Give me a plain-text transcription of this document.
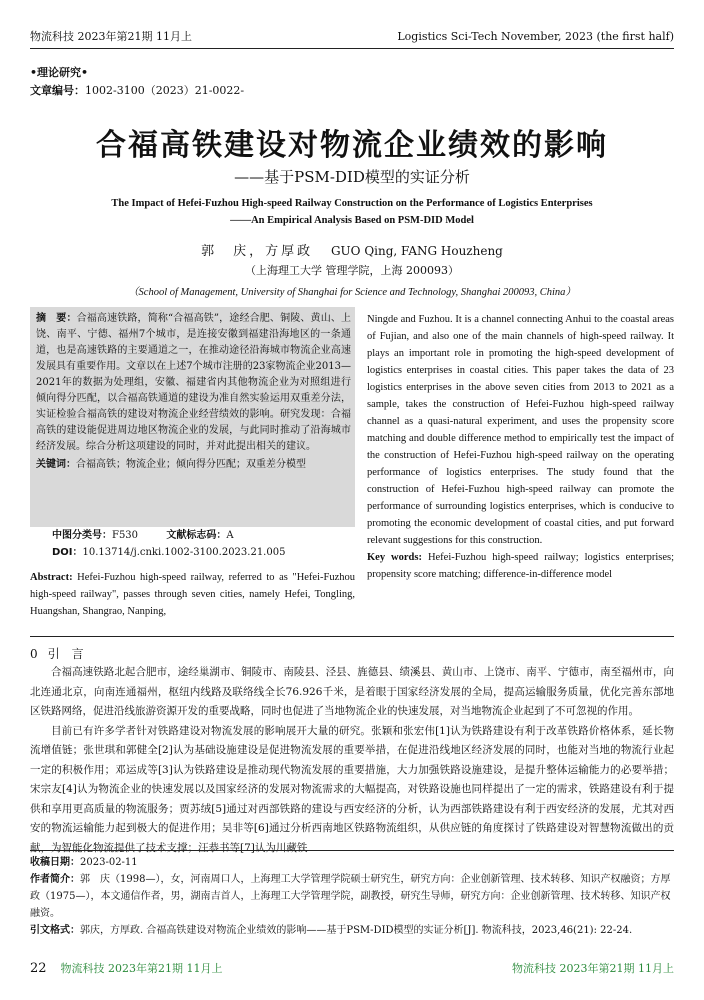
物流科技 2023年第21期 11月上	Logistics Sci-Tech November, 2023 (the first half)
•理论研究•
文章编号：1002-3100（2023）21-0022-
合福高铁建设对物流企业绩效的影响
——基于PSM-DID模型的实证分析
The Impact of Hefei-Fuzhou High-speed Railway Construction on the Performance of Logistics Enterprises
——An Empirical Analysis Based on PSM-DID Model
郭　庆，方厚政 GUO Qing, FANG Houzheng
（上海理工大学 管理学院，上海 200093）
（School of Management, University of Shanghai for Science and Technology, Shanghai 200093, China）
摘　要：合福高速铁路，简称“合福高铁”，途经合肥、铜陵、黄山、上饶、南平、宁德、福州7个城市，是连接安徽到福建沿海地区的一条通道，也是高速铁路的主要通道之一，在推动途径沿海城市物流企业高速发展具有重要作用。文章以在上述7个城市注册的23家物流企业2013—2021年的数据为处理组，安徽、福建省内其他物流企业为对照组进行倾向得分匹配，以合福高铁通道的建设为准自然实验运用双重差分法，实证检验合福高铁的建设对物流企业经营绩效的影响。研究发现：合福高铁的建设能促进周边地区物流企业的发展，与此同时推动了沿海城市经济发展。综合分析这项建设的同时，并对此提出相关的建议。
关键词：合福高铁；物流企业；倾向得分匹配；双重差分模型
中图分类号：F530	文献标志码：A
DOI：10.13714/j.cnki.1002-3100.2023.21.005
Abstract: Hefei-Fuzhou high-speed railway, referred to as "Hefei-Fuzhou high-speed railway", passes through seven cities, namely Hefei, Tongling, Huangshan, Shangrao, Nanping,
Ningde and Fuzhou. It is a channel connecting Anhui to the coastal areas of Fujian, and also one of the main channels of high-speed railway. It plays an important role in promoting the high-speed development of logistics enterprises in coastal cities. This paper takes the data of 23 logistics enterprises in the above seven cities from 2013 to 2021 as a sample, takes the construction of Hefei-Fuzhou high-speed railway channel as a quasi-natural experiment, and uses the propensity score matching and double difference method to empirically test the impact of the construction of Hefei-Fuzhou high-speed railway on the operating performance of logistics enterprises. The study found that the construction of Hefei-Fuzhou high-speed railway can promote the performance of surrounding logistics enterprises, which is conducive to promoting the economic development of coastal cities, and put forward relevant suggestions for this construction.
Key words: Hefei-Fuzhou high-speed railway; logistics enterprises; propensity score matching; difference-in-difference model
0 引　言

合福高速铁路北起合肥市，途经巢湖市、铜陵市、南陵县、泾县、旌德县、绩溪县、黄山市、上饶市、南平、宁德市，南至福州市，向北连通北京，向南连通福州，枢纽内线路及联络线全长76.926千米，是着眼于国家经济发展的全局，提高运输服务质量，优化完善东部地区铁路网络，促进沿线旅游资源开发的重要战略，同时也促进了当地物流企业的快速发展，对当地物流企业起到了不可忽视的作用。

目前已有许多学者针对铁路建设对物流发展的影响展开大量的研究。张颖和张宏伟[1]认为铁路建设有利于改革铁路价格体系，延长物流增值链；张世琪和郭健全[2]认为基础设施建设是促进物流发展的重要举措，在促进沿线地区经济发展的同时，也能对当地的物流行业起一定的积极作用；邓运成等[3]认为铁路建设是推动现代物流发展的重要措施，大力加强铁路设施建设，是提升整体运输能力的必要举措；宋宗友[4]认为物流企业的快速发展以及国家经济的发展对物流需求的大幅提高，对铁路设施也同样提出了一定的需求，铁路建设有利于提供和享用更高质量的物流服务；贾苏绒[5]通过对西部铁路的建设与西安经济的分析，认为西部铁路建设有利于西安经济的发展，尤其对西安的物流运输能力起到极大的促进作用；吴非等[6]通过分析西南地区铁路物流组织，从供应链的角度探讨了铁路建设对智慧物流做出的贡献，为智能化物流提供了技术支撑；汪恭书等[7]认为川藏铁

收稿日期：2023-02-11
作者简介：郭　庆（1998—），女，河南周口人，上海理工大学管理学院硕士研究生，研究方向：企业创新管理、技术转移、知识产权融资；方厚政（1975—），本文通信作者，男，湖南吉首人，上海理工大学管理学院，副教授，研究生导师，研究方向：企业创新管理、技术转移、知识产权融资。
引文格式：郭庆，方厚政. 合福高铁建设对物流企业绩效的影响——基于PSM-DID模型的实证分析[J]. 物流科技，2023,46(21): 22-24.
22 物流科技 2023年第21期 11月上	物流科技 2023年第21期 11月上
